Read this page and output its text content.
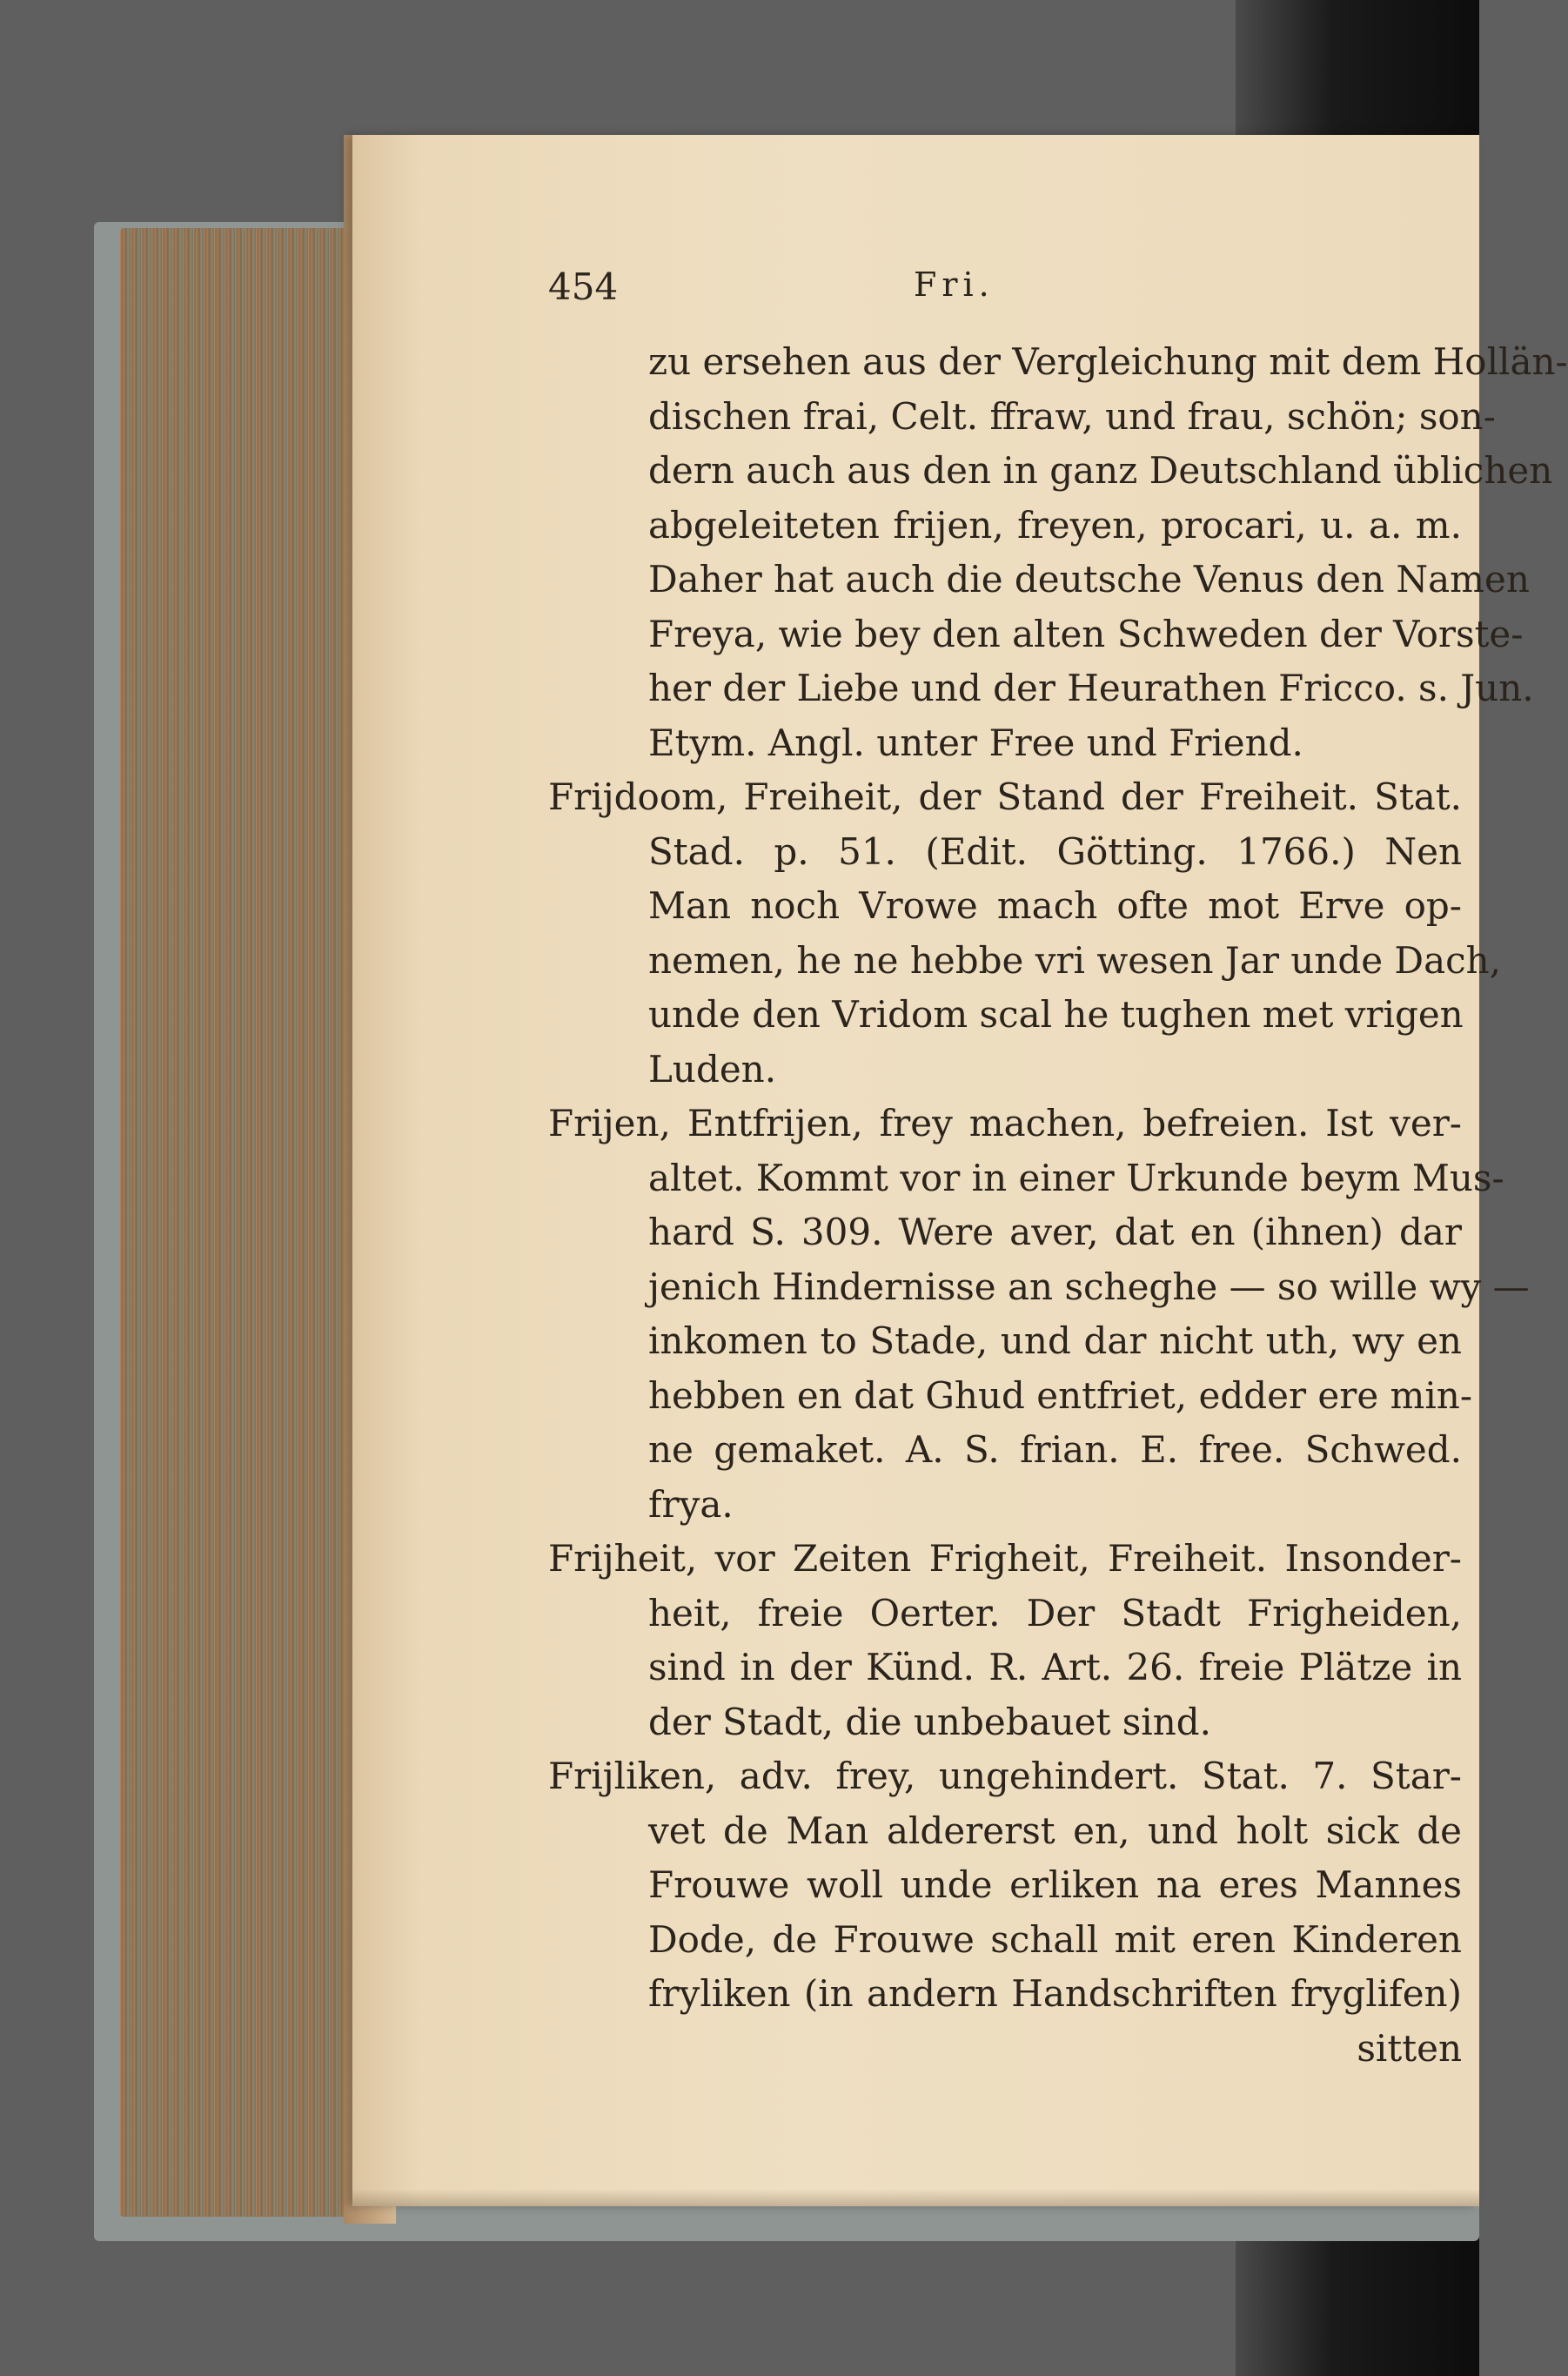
454	Fri.
zu ersehen aus der Vergleichung mit dem Hollän-
dischen frai, Celt. ffraw, und frau, schön; son-
dern auch aus den in ganz Deutschland üblichen
abgeleiteten frijen, freyen, procari, u. a. m.
Daher hat auch die deutsche Venus den Namen
Freya, wie bey den alten Schweden der Vorste-
her der Liebe und der Heurathen Fricco. s. Jun.
Etym. Angl. unter Free und Friend.
Frijdoom, Freiheit, der Stand der Freiheit. Stat.
Stad. p. 51. (Edit. Götting. 1766.) Nen
Man noch Vrowe mach ofte mot Erve op-
nemen, he ne hebbe vri wesen Jar unde Dach,
unde den Vridom scal he tughen met vrigen
Luden.
Frijen, Entfrijen, frey machen, befreien. Ist ver-
altet. Kommt vor in einer Urkunde beym Mus-
hard S. 309. Were aver, dat en (ihnen) dar
jenich Hindernisse an scheghe — so wille wy —
inkomen to Stade, und dar nicht uth, wy en
hebben en dat Ghud entfriet, edder ere min-
ne gemaket. A. S. frian. E. free. Schwed.
frya.
Frijheit, vor Zeiten Frigheit, Freiheit. Insonder-
heit, freie Oerter. Der Stadt Frigheiden,
sind in der Künd. R. Art. 26. freie Plätze in
der Stadt, die unbebauet sind.
Frijliken, adv. frey, ungehindert. Stat. 7. Star-
vet de Man aldererst en, und holt sick de
Frouwe woll unde erliken na eres Mannes
Dode, de Frouwe schall mit eren Kinderen
fryliken (in andern Handschriften fryglifen)
sitten
